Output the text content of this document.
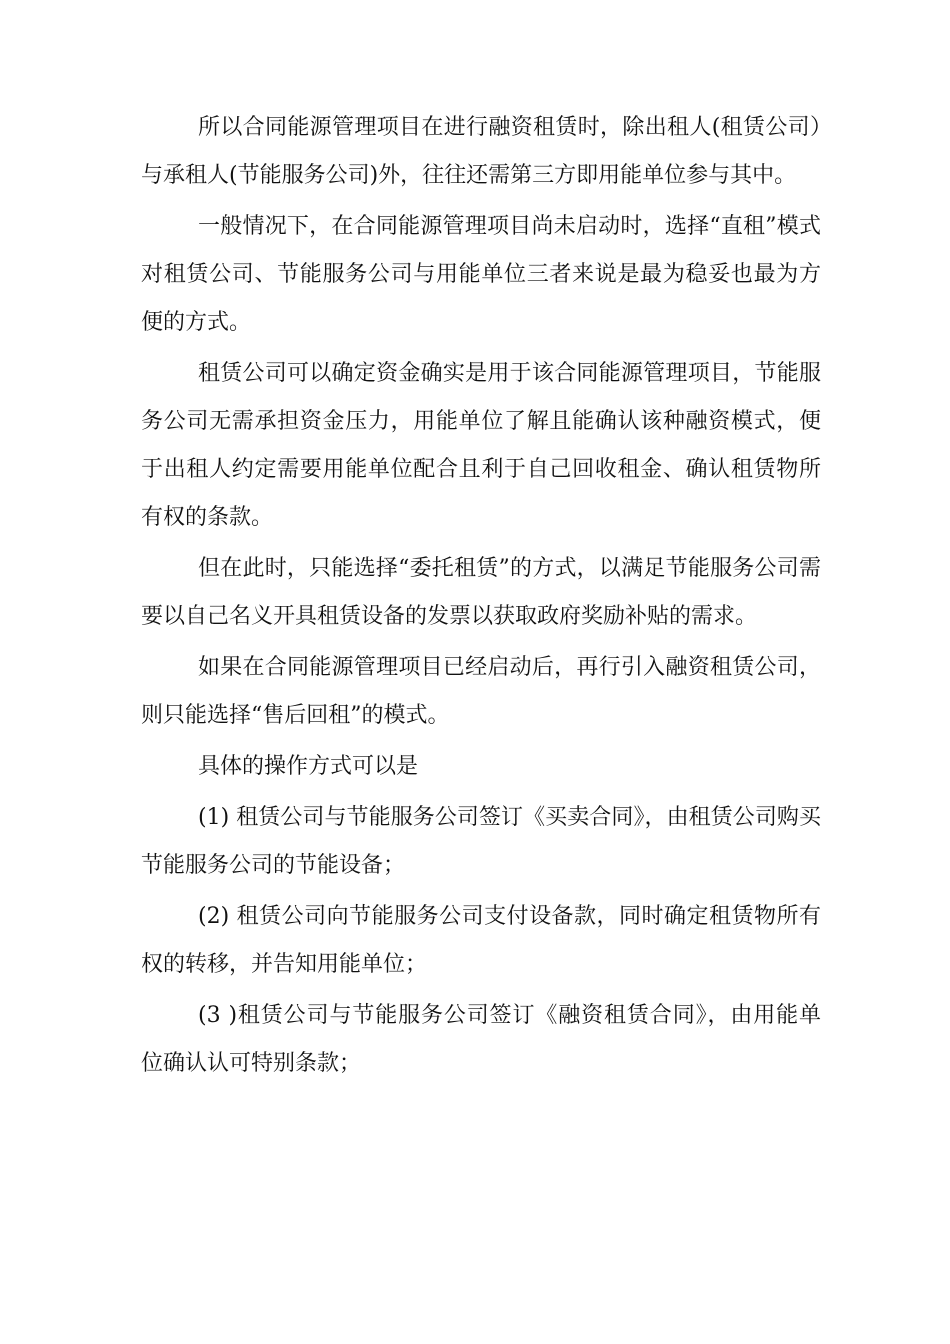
所以合同能源管理项目在进行融资租赁时，除出租人(租赁公司）与承租人(节能服务公司)外，往往还需第三方即用能单位参与其中。

一般情况下，在合同能源管理项目尚未启动时，选择“直租”模式对租赁公司、节能服务公司与用能单位三者来说是最为稳妥也最为方便的方式。

租赁公司可以确定资金确实是用于该合同能源管理项目，节能服务公司无需承担资金压力，用能单位了解且能确认该种融资模式，便于出租人约定需要用能单位配合且利于自己回收租金、确认租赁物所有权的条款。

但在此时，只能选择“委托租赁”的方式，以满足节能服务公司需要以自己名义开具租赁设备的发票以获取政府奖励补贴的需求。

如果在合同能源管理项目已经启动后，再行引入融资租赁公司， 则只能选择“售后回租”的模式。

具体的操作方式可以是

(1) 租赁公司与节能服务公司签订《买卖合同》，由租赁公司购买节能服务公司的节能设备；

(2) 租赁公司向节能服务公司支付设备款，同时确定租赁物所有权的转移，并告知用能单位；

(3 )租赁公司与节能服务公司签订《融资租赁合同》，由用能单 位确认认可特别条款；
